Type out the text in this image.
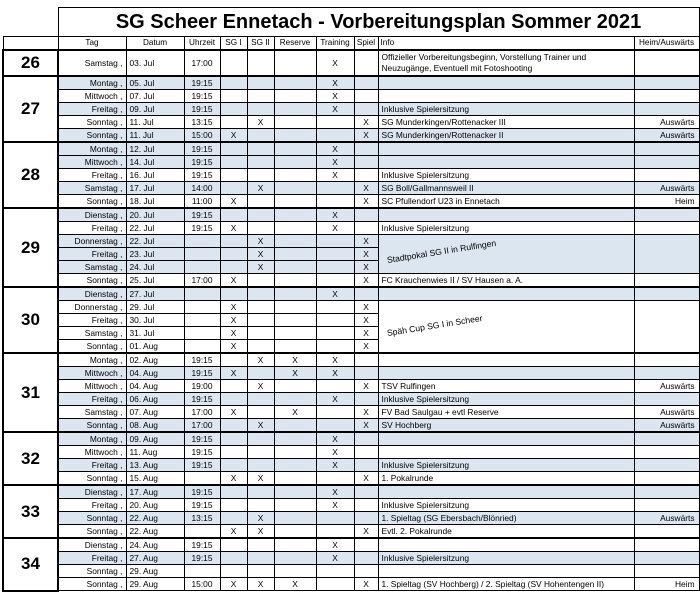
	SG Scheer Ennetach - Vorbereitungsplan Sommer 2021									
	Tag	Datum	Uhrzeit	SG I	SG II	Reserve	Training	Spiel	Info	Heim/Auswärts
26	Samstag ,	03. Jul	17:00				X		Offizieller Vorbereitungsbeginn, Vorstellung Trainer und Neuzugänge, Eventuell mit Fotoshooting	
27	Montag ,	05. Jul	19:15				X			
	Mittwoch ,	07. Jul	19:15				X			
	Freitag ,	09. Jul	19:15				X		Inklusive Spielersitzung	
	Sonntag ,	11. Jul	13:15		X			X	SG Munderkingen/Rottenacker III	Auswärts
	Sonntag ,	11. Jul	15:00	X				X	SG Munderkingen/Rottenacker II	Auswärts
28	Montag ,	12. Jul	19:15				X			
	Mittwoch ,	14. Jul	19:15				X			
	Freitag ,	16. Jul	19:15				X		Inklusive Spielersitzung	
	Samstag ,	17. Jul	14:00		X			X	SG Boll/Gallmannsweil II	Auswärts
	Sonntag ,	18. Jul	11:00	X				X	SC Pfullendorf U23 in Ennetach	Heim
29	Dienstag ,	20. Jul	19:15				X			
	Freitag ,	22. Jul	19:15	X			X		Inklusive Spielersitzung	
	Donnerstag ,	22. Jul			X			X	Stadtpokal SG II in Rulfingen	

	Freitag ,	23. Jul			X			X		
	Samstag ,	24. Jul			X			X		
	Sonntag ,	25. Jul	17:00	X				X	FC Krauchenwies II / SV Hausen a. A.	
30	Dienstag ,	27. Jul					X			
	Donnerstag ,	29. Jul		X				X	Späh Cup SG I in Scheer	

	Freitag ,	30. Jul		X				X		
	Samstag ,	31. Jul		X				X		
	Sonntag ,	01. Aug		X				X		
31	Montag ,	02. Aug	19:15		X	X	X			
	Mittwoch ,	04. Aug	19:15	X		X	X			
	Mittwoch ,	04. Aug	19:00		X			X	TSV Rulfingen	Auswärts
	Freitag ,	06. Aug	19:15				X		Inklusive Spielersitzung	
	Samstag ,	07. Aug	17:00	X		X		X	FV Bad Saulgau + evtl Reserve	Auswärts
	Sonntag ,	08. Aug	17:00		X			X	SV Hochberg	Auswärts
32	Montag ,	09. Aug	19:15				X			
	Mittwoch ,	11. Aug	19:15				X			
	Freitag ,	13. Aug	19:15				X		Inklusive Spielersitzung	
	Sonntag ,	15. Aug		X	X			X	1. Pokalrunde	
33	Dienstag ,	17. Aug	19:15				X			
	Freitag ,	20. Aug	19:15				X		Inklusive Spielersitzung	
	Sonntag ,	22. Aug	13:15		X				1. Spieltag (SG Ebersbach/Blönried)	Auswärts
	Sonntag ,	22. Aug		X	X			X	Evtl. 2. Pokalrunde	
34	Dienstag ,	24. Aug	19:15				X			
	Freitag ,	27. Aug	19:15				X		Inklusive Spielersitzung	
	Sonntag ,	29. Aug								
	Sonntag ,	29. Aug	15:00	X	X	X		X	1. Spieltag (SV Hochberg) / 2. Spieltag (SV Hohentengen II)	Heim
